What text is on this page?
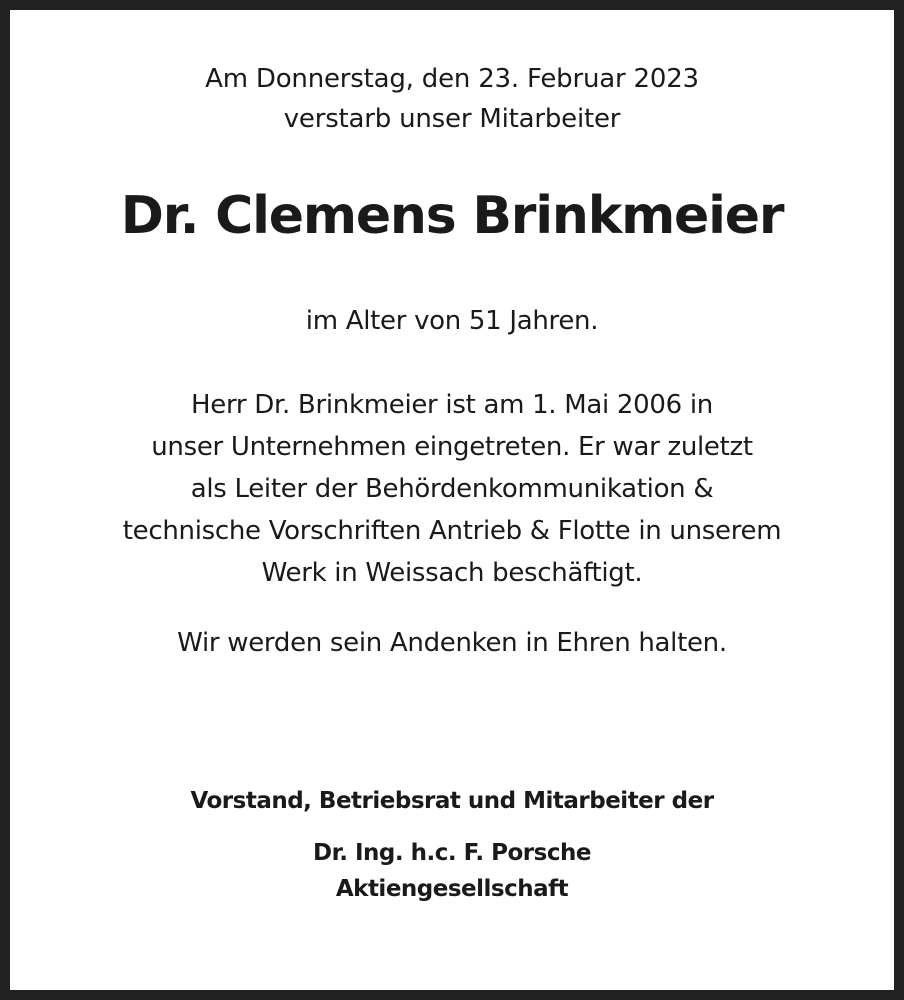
Am Donnerstag, den 23. Februar 2023
verstarb unser Mitarbeiter
Dr. Clemens Brinkmeier
im Alter von 51 Jahren.
Herr Dr. Brinkmeier ist am 1. Mai 2006 in
unser Unternehmen eingetreten. Er war zuletzt
als Leiter der Behördenkommunikation &
technische Vorschriften Antrieb & Flotte in unserem
Werk in Weissach beschäftigt.
Wir werden sein Andenken in Ehren halten.
Vorstand, Betriebsrat und Mitarbeiter der
Dr. Ing. h.c. F. Porsche
Aktiengesellschaft
